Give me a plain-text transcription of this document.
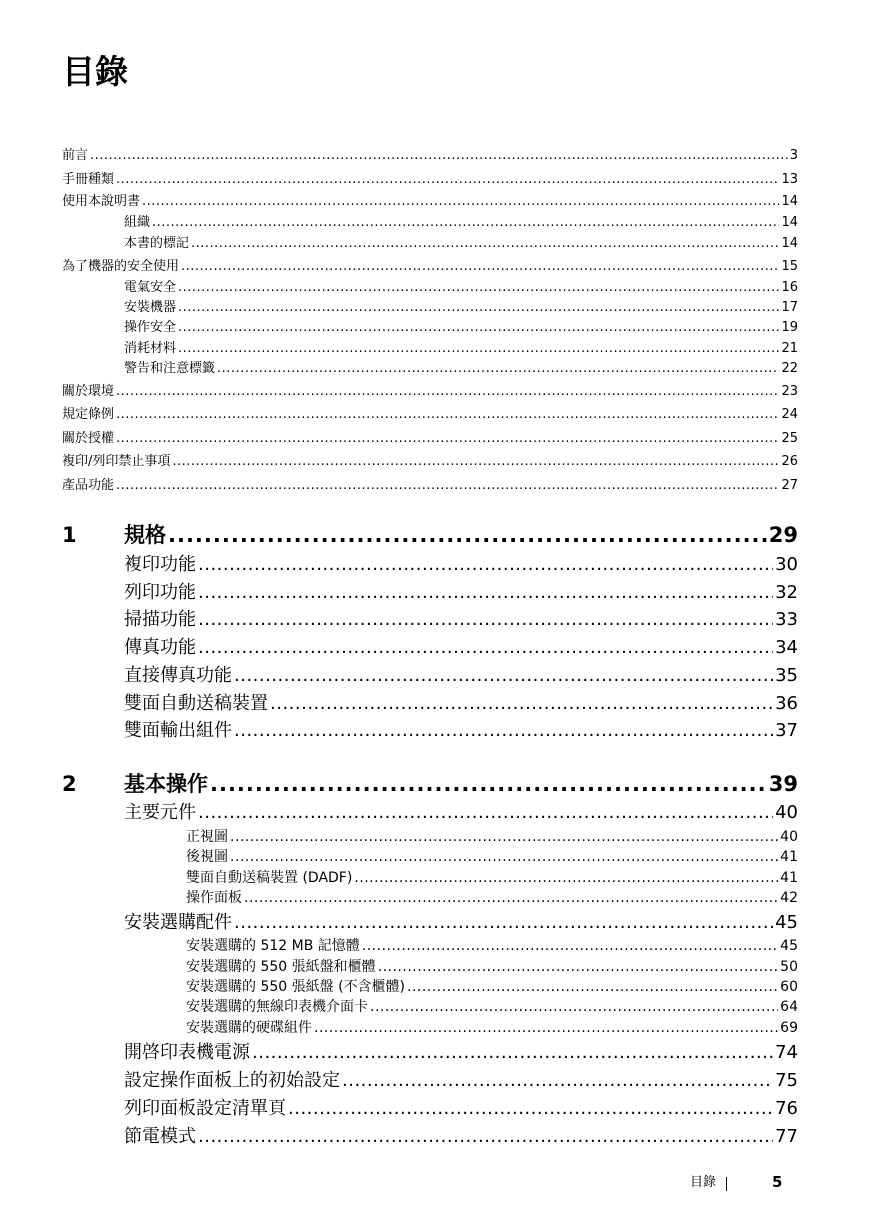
目錄
前言 .....	3
手冊種類 .....	13
使用本說明書 .....	14
組織 .....	14
本書的標記 .....	14
為了機器的安全使用 .....	15
電氣安全 .....	16
安裝機器 .....	17
操作安全 .....	19
消耗材料 .....	21
警告和注意標籤 .....	22
關於環境 .....	23
規定條例 .....	24
關於授權 .....	25
複印/列印禁止事項 .....	26
產品功能 .....	27
1	規格 .....	29
複印功能 .....	30
列印功能 .....	32
掃描功能 .....	33
傳真功能 .....	34
直接傳真功能 .....	35
雙面自動送稿裝置 .....	36
雙面輸出組件 .....	37
2	基本操作 .....	39
主要元件 .....	40
正視圖 .....	40
後視圖 .....	41
雙面自動送稿裝置 (DADF) .....	41
操作面板 .....	42
安裝選購配件 .....	45
安裝選購的 512 MB 記憶體 .....	45
安裝選購的 550 張紙盤和櫃體 .....	50
安裝選購的 550 張紙盤 (不含櫃體) .....	60
安裝選購的無線印表機介面卡 .....	64
安裝選購的硬碟組件 .....	69
開啓印表機電源 .....	74
設定操作面板上的初始設定 .....	75
列印面板設定清單頁 .....	76
節電模式 .....	77
目錄	5
